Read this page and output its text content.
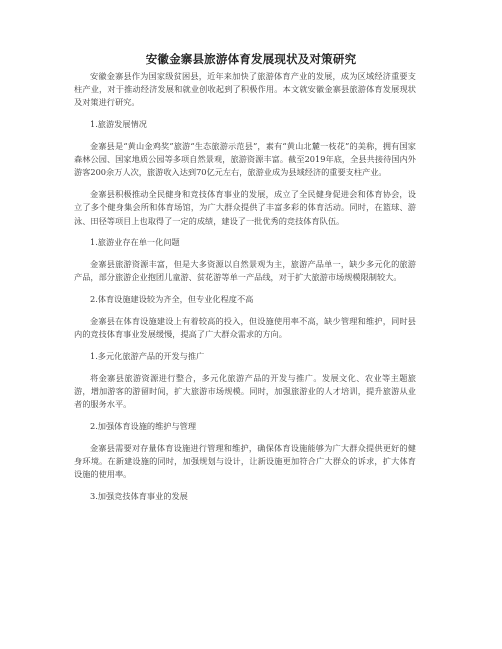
安徽金寨县旅游体育发展现状及对策研究

安徽金寨县作为国家级贫困县，近年来加快了旅游体育产业的发展，成为区域经济重要支柱产业，对于推动经济发展和就业创收起到了积极作用。本文就安徽金寨县旅游体育发展现状及对策进行研究。

1.旅游发展情况

金寨县是“黄山金鸡奖”旅游“生态旅游示范县”，素有“黄山北麓一枝花”的美称，拥有国家森林公园、国家地质公园等多项自然景观，旅游资源丰富。截至2019年底，全县共接待国内外游客200余万人次，旅游收入达到70亿元左右，旅游业成为县域经济的重要支柱产业。

金寨县积极推动全民健身和竞技体育事业的发展，成立了全民健身促进会和体育协会，设立了多个健身集会所和体育场馆，为广大群众提供了丰富多彩的体育活动。同时，在篮球、游泳、田径等项目上也取得了一定的成绩，建设了一批优秀的竞技体育队伍。

1.旅游业存在单一化问题

金寨县旅游资源丰富，但是大多资源以自然景观为主，旅游产品单一，缺少多元化的旅游产品，部分旅游企业抱团儿童游、贫花游等单一产品线，对于扩大旅游市场规模限制较大。

2.体育设施建设较为齐全，但专业化程度不高

金寨县在体育设施建设上有着较高的投入，但设施使用率不高，缺少管理和维护，同时县内的竞技体育事业发展缓慢，提高了广大群众需求的方向。

1.多元化旅游产品的开发与推广

将金寨县旅游资源进行整合，多元化旅游产品的开发与推广。发展文化、农业等主题旅游，增加游客的游留时间，扩大旅游市场规模。同时，加强旅游业的人才培训，提升旅游从业者的服务水平。

2.加强体育设施的维护与管理

金寨县需要对存量体育设施进行管理和维护，确保体育设施能够为广大群众提供更好的健身环境。在新建设施的同时，加强规划与设计，让新设施更加符合广大群众的诉求，扩大体育设施的使用率。

3.加强竞技体育事业的发展
